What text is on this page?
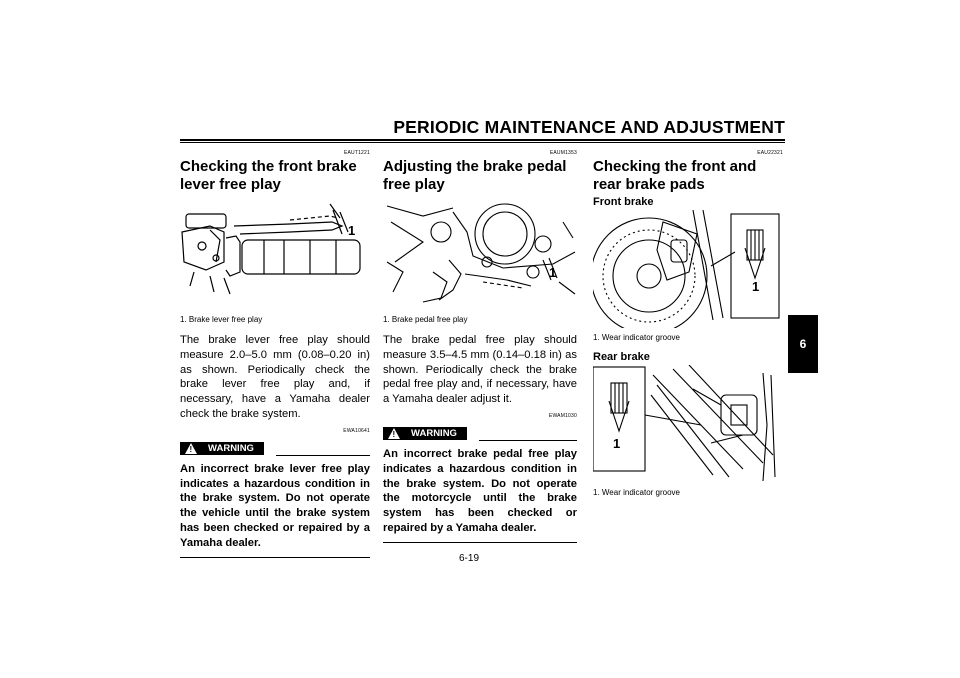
PERIODIC MAINTENANCE AND ADJUSTMENT
EAUT1221
Checking the front brake lever free play
1
1. Brake lever free play

The brake lever free play should measure 2.0–5.0 mm (0.08–0.20 in) as shown. Periodically check the brake lever free play and, if necessary, have a Yamaha dealer check the brake system.

EWA10641
!	WARNING

An incorrect brake lever free play indicates a hazardous condition in the brake system. Do not operate the vehicle until the brake system has been checked or repaired by a Yamaha dealer.

EAUM1353
Adjusting the brake pedal free play
1
1. Brake pedal free play

The brake pedal free play should measure 3.5–4.5 mm (0.14–0.18 in) as shown. Periodically check the brake pedal free play and, if necessary, have a Yamaha dealer adjust it.

EWAM1030
!	WARNING

An incorrect brake pedal free play indicates a hazardous condition in the brake system. Do not operate the motorcycle until the brake system has been checked or repaired by a Yamaha dealer.

EAU22321
Checking the front and rear brake pads
Front brake
1
1. Wear indicator groove
Rear brake
1
1. Wear indicator groove
6
6-19
